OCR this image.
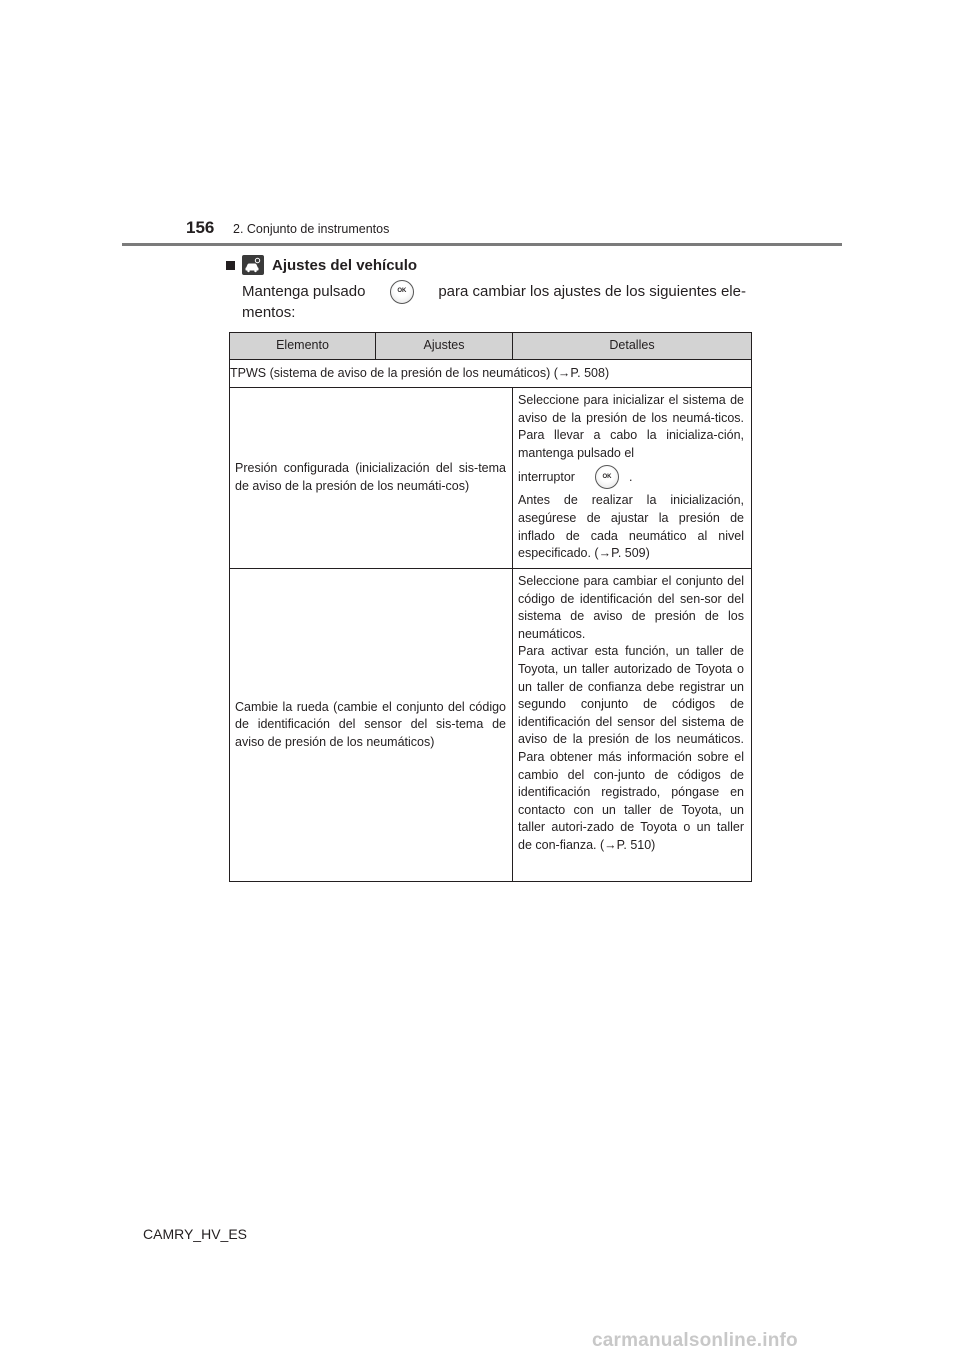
156 2. Conjunto de instrumentos
Ajustes del vehículo
Mantenga pulsado	OK	para cambiar los ajustes de los siguientes ele-
mentos:
Elemento	Ajustes	Detalles
TPWS (sistema de aviso de la presión de los neumáticos) (→P. 508)		
Presión configurada (inicialización del sis-tema de aviso de la presión de los neumáti-cos)		Seleccione para inicializar el sistema de aviso de la presión de los neumá-ticos. Para llevar a cabo la inicializa-ción, mantenga pulsado el
interruptor OK .
Antes de realizar la inicialización, asegúrese de ajustar la presión de inflado de cada neumático al nivel especificado. (→P. 509)

Cambie la rueda (cambie el conjunto del código de identificación del sensor del sis-tema de aviso de presión de los neumáticos)		Seleccione para cambiar el conjunto del código de identificación del sen-sor del sistema de aviso de presión de los neumáticos.
Para activar esta función, un taller de Toyota, un taller autorizado de Toyota o un taller de confianza debe registrar un segundo conjunto de códigos de identificación del sensor del sistema de aviso de la presión de los neumáticos. Para obtener más información sobre el cambio del con-junto de códigos de identificación registrado, póngase en contacto con un taller de Toyota, un taller autori-zado de Toyota o un taller de con-fianza. (→P. 510)
CAMRY_HV_ES
carmanualsonline.info
